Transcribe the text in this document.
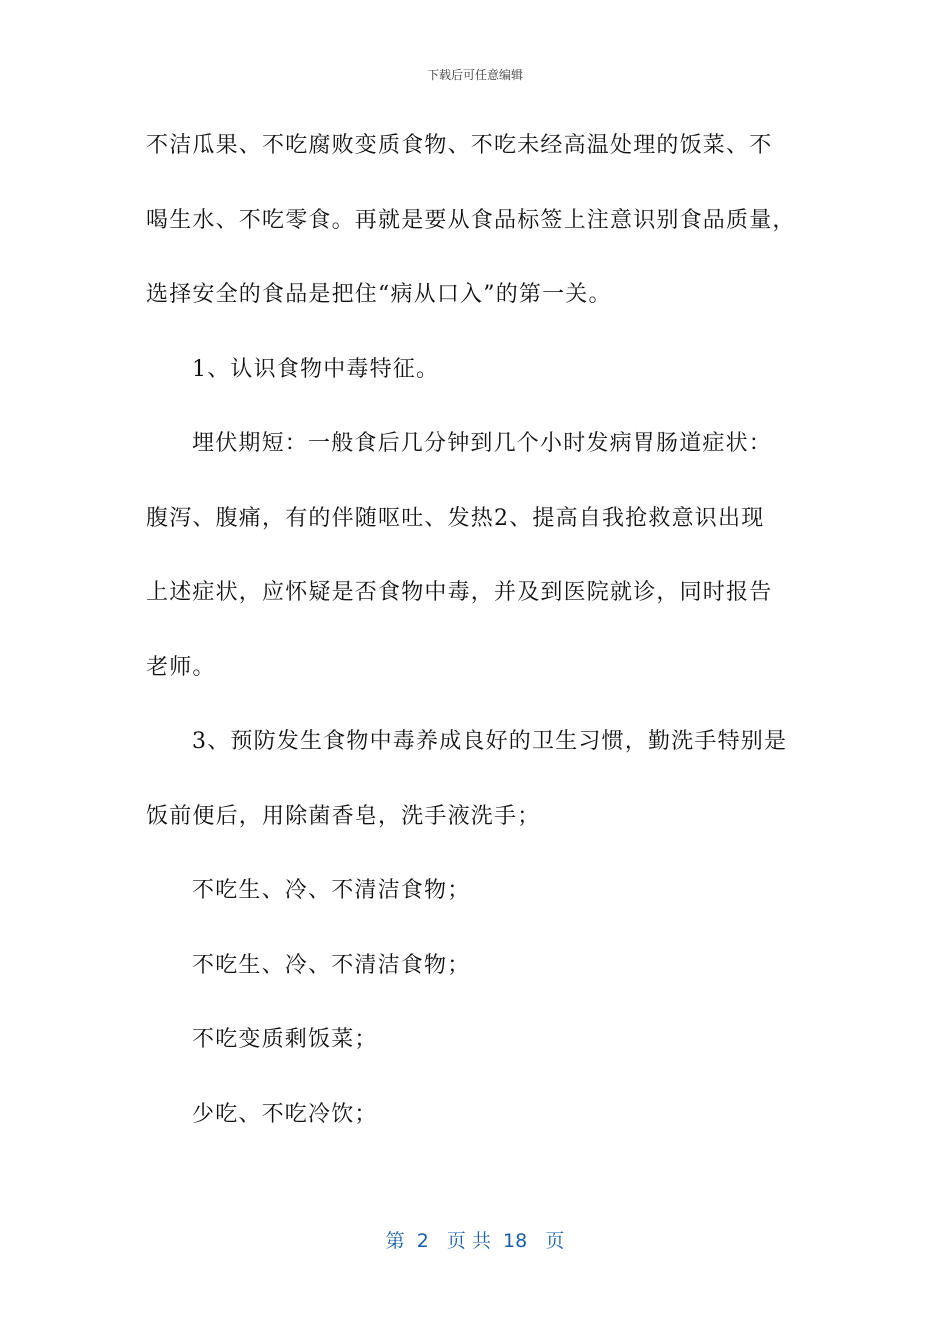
下载后可任意编辑
不洁瓜果、不吃腐败变质食物、不吃未经高温处理的饭菜、不
喝生水、不吃零食。再就是要从食品标签上注意识别食品质量，
选择安全的食品是把住“病从口入”的第一关。
1、认识食物中毒特征。
埋伏期短：一般食后几分钟到几个小时发病胃肠道症状：
腹泻、腹痛，有的伴随呕吐、发热2、提高自我抢救意识出现
上述症状，应怀疑是否食物中毒，并及到医院就诊，同时报告
老师。
3、预防发生食物中毒养成良好的卫生习惯，勤洗手特别是
饭前便后，用除菌香皂，洗手液洗手；
不吃生、冷、不清洁食物；
不吃生、冷、不清洁食物；
不吃变质剩饭菜；
少吃、不吃冷饮；
第  2   页 共  18   页
